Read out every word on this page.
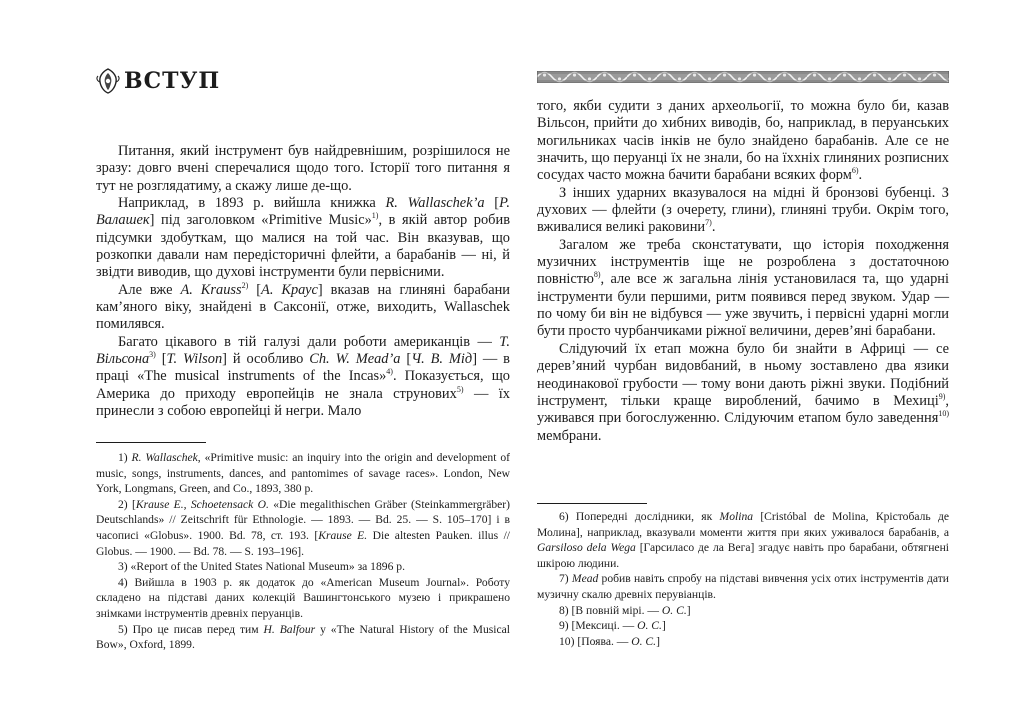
ВСТУП

Питання, який інструмент був найдревнішим, розрішилося не зразу: довго вчені сперечалися щодо того. Історії того питання я тут не розглядатиму, а скажу лише де-що.

Наприклад, в 1893 р. вийшла книжка R. Wallaschek’a [Р. Валашек] під заголовком «Primitive Music»$^{1)}$, в якій автор робив підсумки здобуткам, що малися на той час. Він вказував, що розкопки давали нам передісторичні флейти, а барабанів — ні, й звідти виводив, що духові інструменти були первісними.

Але вже A. Krauss$^{2)}$ [А. Краус] вказав на глиняні барабани кам’яного віку, знайдені в Саксонії, отже, виходить, Wallaschek помилявся.

Багато цікавого в тій галузі дали роботи американців — Т. Вільсона$^{3)}$ [T. Wilson] й особливо Ch. W. Mead’a [Ч. В. Мід] — в праці «The musical instruments of the Incas»$^{4)}$. Показується, що Америка до приходу европейців не знала струнових$^{5)}$ — їх принесли з собою европейці й негри. Мало

1) R. Wallaschek, «Primitive music: an inquiry into the origin and development of music, songs, instruments, dances, and pantomimes of savage races». London, New York, Longmans, Green, and Co., 1893, 380 p.

2) [Krause E., Schoetensack O. «Die megalithischen Gräber (Steinkammergräber) Deutschlands» // Zeitschrift für Ethnologie. — 1893. — Bd. 25. — S. 105–170] і в часописі «Globus». 1900. Bd. 78, ст. 193. [Krause E. Die altesten Pauken. illus // Globus. — 1900. — Bd. 78. — S. 193–196].

3) «Report of the United States National Museum» за 1896 р.

4) Вийшла в 1903 р. як додаток до «American Museum Journal». Роботу складено на підставі даних колекцій Вашингтонського музею і прикрашено знімками інструментів древніх перуанців.

5) Про це писав перед тим H. Balfour у «The Natural History of the Musical Bow», Oxford, 1899.

того, якби судити з даних археольогії, то можна було би, казав Вільсон, прийти до хибних виводів, бо, наприклад, в перуанських могильниках часів інків не було знайдено барабанів. Але се не значить, що перуанці їх не знали, бо на їххніх глиняних розписних сосудах часто можна бачити барабани всяких форм$^{6)}$.

З інших ударних вказувалося на мідні й бронзові бубенці. З духових — флейти (з очерету, глини), глиняні труби. Окрім того, вживалися великі раковини$^{7)}$.

Загалом же треба сконстатувати, що історія походження музичних інструментів іще не розроблена з достаточною повністю$^{8)}$, але все ж загальна лінія установилася та, що ударні інструменти були першими, ритм появився перед звуком. Удар — по чому би він не відбувся — уже звучить, і первісні ударні могли бути просто чурбанчиками ріжної величини, дерев’яні барабани.

Слідуючий їх етап можна було би знайти в Африці — се дерев’яний чурбан видовбаний, в ньому зоставлено два язики неодинакової грубости — тому вони дають ріжні звуки. Подібний інструмент, тільки краще вироблений, бачимо в Мехиці$^{9)}$, уживався при богослуженню. Слідуючим етапом було заведення$^{10)}$ мембрани.

6) Попередні дослідники, як Molina [Cristóbal de Molina, Крістобаль де Молина], наприклад, вказували моменти життя при яких уживалося барабанів, а Garsiloso dela Wega [Гарсиласо де ла Вега] згадує навіть про барабани, обтягнені шкірою людини.

7) Mead робив навіть спробу на підставі вивчення усіх отих інструментів дати музичну скалю древніх перувіанців.

8) [В повній мірі. — О. С.]

9) [Мексиці. — О. С.]

10) [Поява. — О. С.]
